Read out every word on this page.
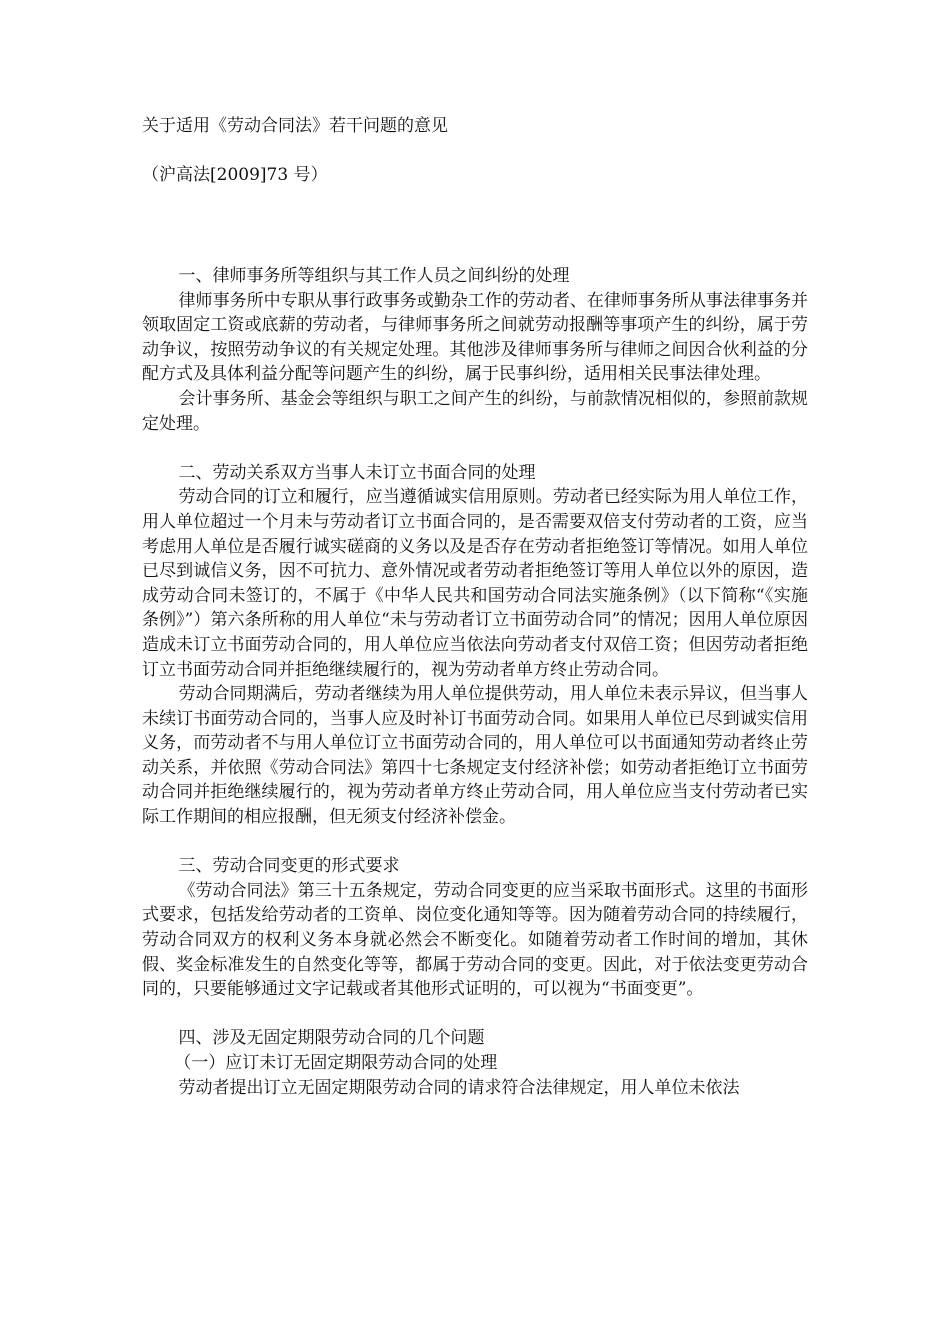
关于适用《劳动合同法》若干问题的意见
（沪高法[2009]73 号）

一、律师事务所等组织与其工作人员之间纠纷的处理

律师事务所中专职从事行政事务或勤杂工作的劳动者、在律师事务所从事法律事务并领取固定工资或底薪的劳动者，与律师事务所之间就劳动报酬等事项产生的纠纷，属于劳动争议，按照劳动争议的有关规定处理。其他涉及律师事务所与律师之间因合伙利益的分配方式及具体利益分配等问题产生的纠纷，属于民事纠纷，适用相关民事法律处理。

会计事务所、基金会等组织与职工之间产生的纠纷，与前款情况相似的，参照前款规定处理。

二、劳动关系双方当事人未订立书面合同的处理

劳动合同的订立和履行，应当遵循诚实信用原则。劳动者已经实际为用人单位工作，用人单位超过一个月未与劳动者订立书面合同的，是否需要双倍支付劳动者的工资，应当考虑用人单位是否履行诚实磋商的义务以及是否存在劳动者拒绝签订等情况。如用人单位已尽到诚信义务，因不可抗力、意外情况或者劳动者拒绝签订等用人单位以外的原因，造成劳动合同未签订的，不属于《中华人民共和国劳动合同法实施条例》（以下简称“《实施条例》”）第六条所称的用人单位“未与劳动者订立书面劳动合同”的情况；因用人单位原因造成未订立书面劳动合同的，用人单位应当依法向劳动者支付双倍工资；但因劳动者拒绝订立书面劳动合同并拒绝继续履行的，视为劳动者单方终止劳动合同。

劳动合同期满后，劳动者继续为用人单位提供劳动，用人单位未表示异议，但当事人未续订书面劳动合同的，当事人应及时补订书面劳动合同。如果用人单位已尽到诚实信用义务，而劳动者不与用人单位订立书面劳动合同的，用人单位可以书面通知劳动者终止劳动关系，并依照《劳动合同法》第四十七条规定支付经济补偿；如劳动者拒绝订立书面劳动合同并拒绝继续履行的，视为劳动者单方终止劳动合同，用人单位应当支付劳动者已实际工作期间的相应报酬，但无须支付经济补偿金。

三、劳动合同变更的形式要求

《劳动合同法》第三十五条规定，劳动合同变更的应当采取书面形式。这里的书面形式要求，包括发给劳动者的工资单、岗位变化通知等等。因为随着劳动合同的持续履行，劳动合同双方的权利义务本身就必然会不断变化。如随着劳动者工作时间的增加，其休假、奖金标准发生的自然变化等等，都属于劳动合同的变更。因此，对于依法变更劳动合同的，只要能够通过文字记载或者其他形式证明的，可以视为“书面变更”。

四、涉及无固定期限劳动合同的几个问题

（一）应订未订无固定期限劳动合同的处理

劳动者提出订立无固定期限劳动合同的请求符合法律规定，用人单位未依法
